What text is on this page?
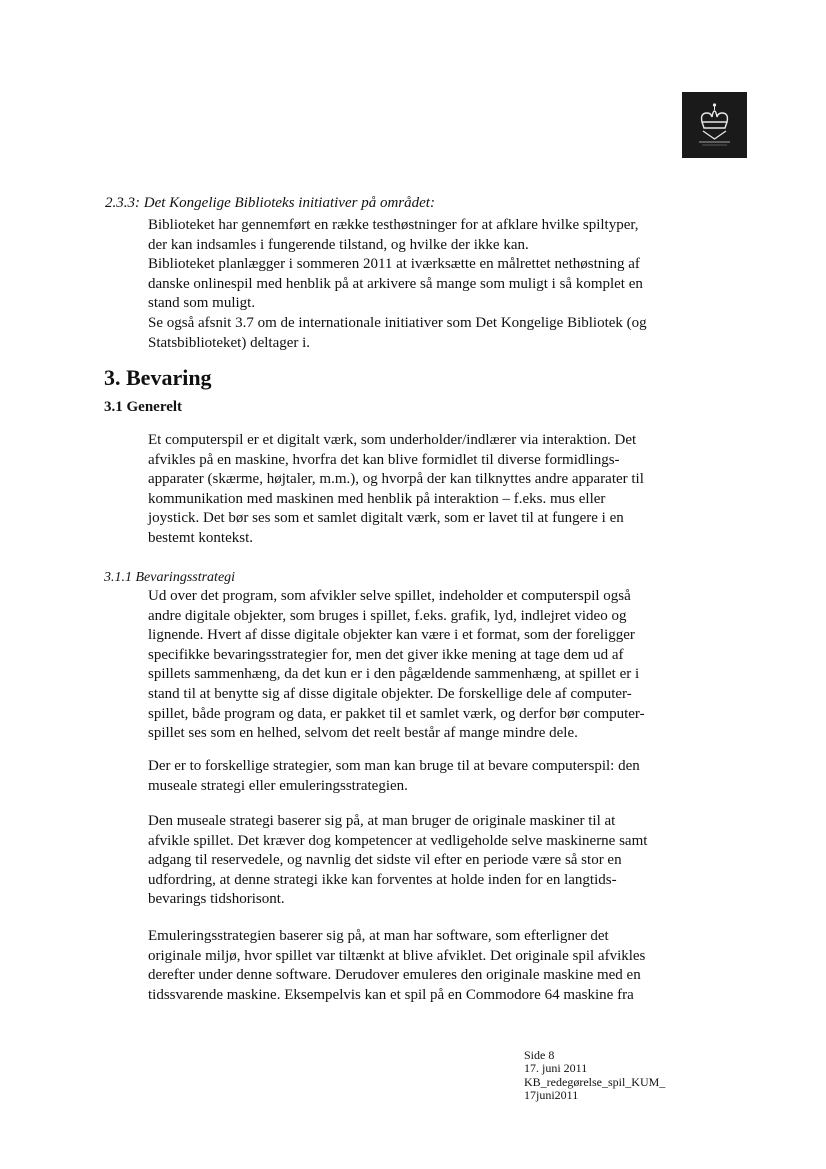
2.3.3: Det Kongelige Biblioteks initiativer på området:

Biblioteket har gennemført en række testhøstninger for at afklare hvilke spiltyper,
der kan indsamles i fungerende tilstand, og hvilke der ikke kan.
Biblioteket planlægger i sommeren 2011 at iværksætte en målrettet nethøstning af
danske onlinespil med henblik på at arkivere så mange som muligt i så komplet en
stand som muligt.
Se også afsnit 3.7 om de internationale initiativer som Det Kongelige Bibliotek (og
Statsbiblioteket) deltager i.

3. Bevaring
3.1 Generelt

Et computerspil er et digitalt værk, som underholder/indlærer via interaktion. Det
afvikles på en maskine, hvorfra det kan blive formidlet til diverse formidlings-
apparater (skærme, højtaler, m.m.), og hvorpå der kan tilknyttes andre apparater til
kommunikation med maskinen med henblik på interaktion – f.eks. mus eller
joystick. Det bør ses som et samlet digitalt værk, som er lavet til at fungere i en
bestemt kontekst.

3.1.1 Bevaringsstrategi

Ud over det program, som afvikler selve spillet, indeholder et computerspil også
andre digitale objekter, som bruges i spillet, f.eks. grafik, lyd, indlejret video og
lignende. Hvert af disse digitale objekter kan være i et format, som der foreligger
specifikke bevaringsstrategier for, men det giver ikke mening at tage dem ud af
spillets sammenhæng, da det kun er i den pågældende sammenhæng, at spillet er i
stand til at benytte sig af disse digitale objekter. De forskellige dele af computer-
spillet, både program og data, er pakket til et samlet værk, og derfor bør computer-
spillet ses som en helhed, selvom det reelt består af mange mindre dele.

Der er to forskellige strategier, som man kan bruge til at bevare computerspil: den
museale strategi eller emuleringsstrategien.

Den museale strategi baserer sig på, at man bruger de originale maskiner til at
afvikle spillet. Det kræver dog kompetencer at vedligeholde selve maskinerne samt
adgang til reservedele, og navnlig det sidste vil efter en periode være så stor en
udfordring, at denne strategi ikke kan forventes at holde inden for en langtids-
bevarings tidshorisont.

Emuleringsstrategien baserer sig på, at man har software, som efterligner det
originale miljø, hvor spillet var tiltænkt at blive afviklet. Det originale spil afvikles
derefter under denne software. Derudover emuleres den originale maskine med en
tidssvarende maskine. Eksempelvis kan et spil på en Commodore 64 maskine fra

Side 8
17. juni 2011
KB_redegørelse_spil_KUM_
17juni2011
